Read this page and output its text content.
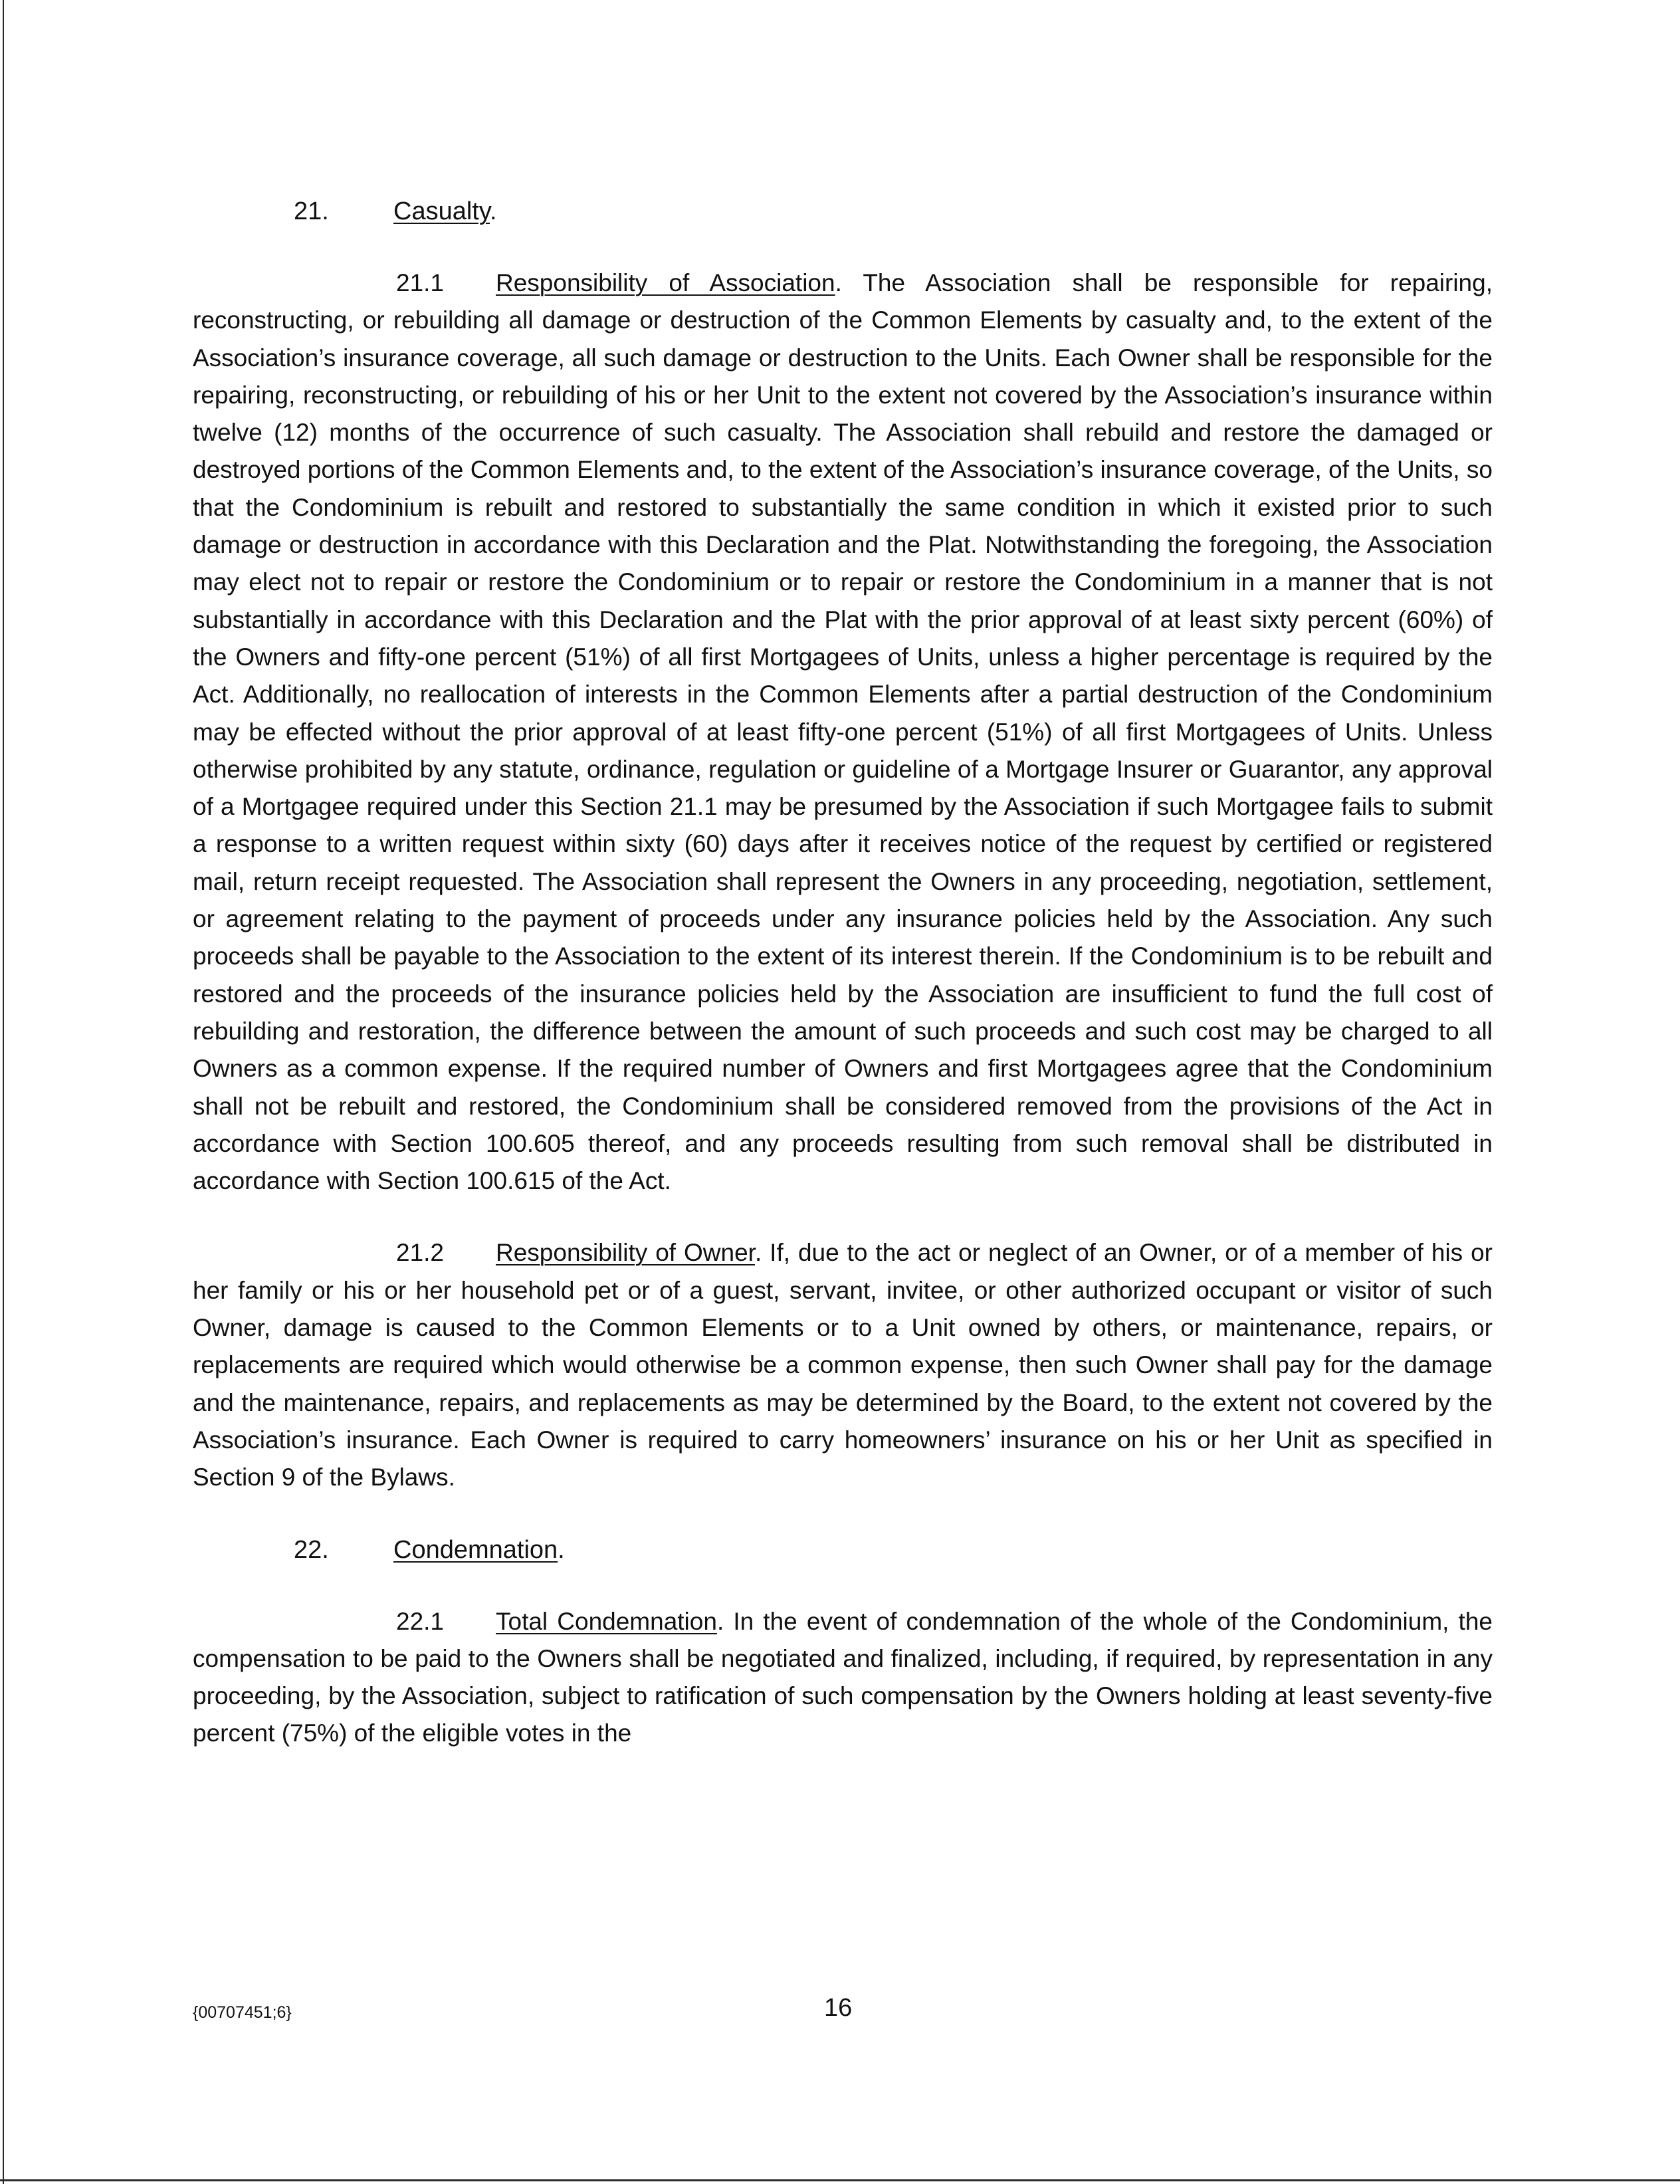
21.	Casualty.

21.1 Responsibility of Association. The Association shall be responsible for repairing, reconstructing, or rebuilding all damage or destruction of the Common Elements by casualty and, to the extent of the Association’s insurance coverage, all such damage or destruction to the Units. Each Owner shall be responsible for the repairing, reconstructing, or rebuilding of his or her Unit to the extent not covered by the Association’s insurance within twelve (12) months of the occurrence of such casualty. The Association shall rebuild and restore the damaged or destroyed portions of the Common Elements and, to the extent of the Association’s insurance coverage, of the Units, so that the Condominium is rebuilt and restored to substantially the same condition in which it existed prior to such damage or destruction in accordance with this Declaration and the Plat. Notwithstanding the foregoing, the Association may elect not to repair or restore the Condominium or to repair or restore the Condominium in a manner that is not substantially in accordance with this Declaration and the Plat with the prior approval of at least sixty percent (60%) of the Owners and fifty-one percent (51%) of all first Mortgagees of Units, unless a higher percentage is required by the Act. Additionally, no reallocation of interests in the Common Elements after a partial destruction of the Condominium may be effected without the prior approval of at least fifty-one percent (51%) of all first Mortgagees of Units. Unless otherwise prohibited by any statute, ordinance, regulation or guideline of a Mortgage Insurer or Guarantor, any approval of a Mortgagee required under this Section 21.1 may be presumed by the Association if such Mortgagee fails to submit a response to a written request within sixty (60) days after it receives notice of the request by certified or registered mail, return receipt requested. The Association shall represent the Owners in any proceeding, negotiation, settlement, or agreement relating to the payment of proceeds under any insurance policies held by the Association. Any such proceeds shall be payable to the Association to the extent of its interest therein. If the Condominium is to be rebuilt and restored and the proceeds of the insurance policies held by the Association are insufficient to fund the full cost of rebuilding and restoration, the difference between the amount of such proceeds and such cost may be charged to all Owners as a common expense. If the required number of Owners and first Mortgagees agree that the Condominium shall not be rebuilt and restored, the Condominium shall be considered removed from the provisions of the Act in accordance with Section 100.605 thereof, and any proceeds resulting from such removal shall be distributed in accordance with Section 100.615 of the Act.

21.2 Responsibility of Owner. If, due to the act or neglect of an Owner, or of a member of his or her family or his or her household pet or of a guest, servant, invitee, or other authorized occupant or visitor of such Owner, damage is caused to the Common Elements or to a Unit owned by others, or maintenance, repairs, or replacements are required which would otherwise be a common expense, then such Owner shall pay for the damage and the maintenance, repairs, and replacements as may be determined by the Board, to the extent not covered by the Association’s insurance. Each Owner is required to carry homeowners’ insurance on his or her Unit as specified in Section 9 of the Bylaws.

22.	Condemnation.

22.1 Total Condemnation. In the event of condemnation of the whole of the Condominium, the compensation to be paid to the Owners shall be negotiated and finalized, including, if required, by representation in any proceeding, by the Association, subject to ratification of such compensation by the Owners holding at least seventy-five percent (75%) of the eligible votes in the

{00707451;6}	16
